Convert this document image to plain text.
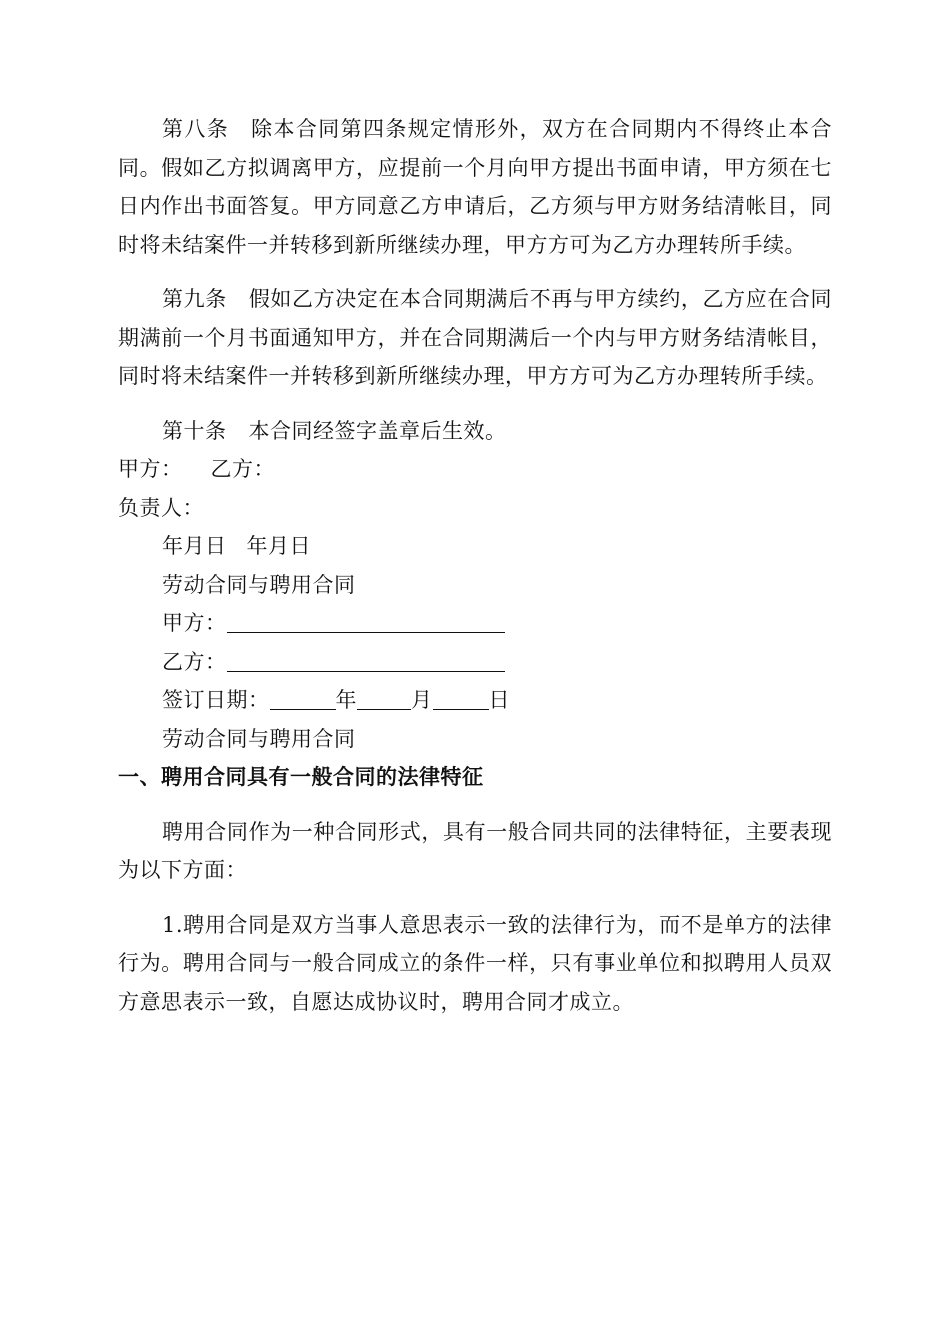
第八条 除本合同第四条规定情形外，双方在合同期内不得终止本合同。假如乙方拟调离甲方，应提前一个月向甲方提出书面申请，甲方须在七日内作出书面答复。甲方同意乙方申请后，乙方须与甲方财务结清帐目，同时将未结案件一并转移到新所继续办理，甲方方可为乙方办理转所手续。

第九条 假如乙方决定在本合同期满后不再与甲方续约，乙方应在合同期满前一个月书面通知甲方，并在合同期满后一个内与甲方财务结清帐目，同时将未结案件一并转移到新所继续办理，甲方方可为乙方办理转所手续。

第十条 本合同经签字盖章后生效。

甲方： 乙方：

负责人：

年月日 年月日

劳动合同与聘用合同

甲方：

乙方：

签订日期：	年	月	日

劳动合同与聘用合同

一、聘用合同具有一般合同的法律特征

聘用合同作为一种合同形式，具有一般合同共同的法律特征，主要表现为以下方面：

1.聘用合同是双方当事人意思表示一致的法律行为，而不是单方的法律行为。聘用合同与一般合同成立的条件一样，只有事业单位和拟聘用人员双方意思表示一致，自愿达成协议时，聘用合同才成立。
